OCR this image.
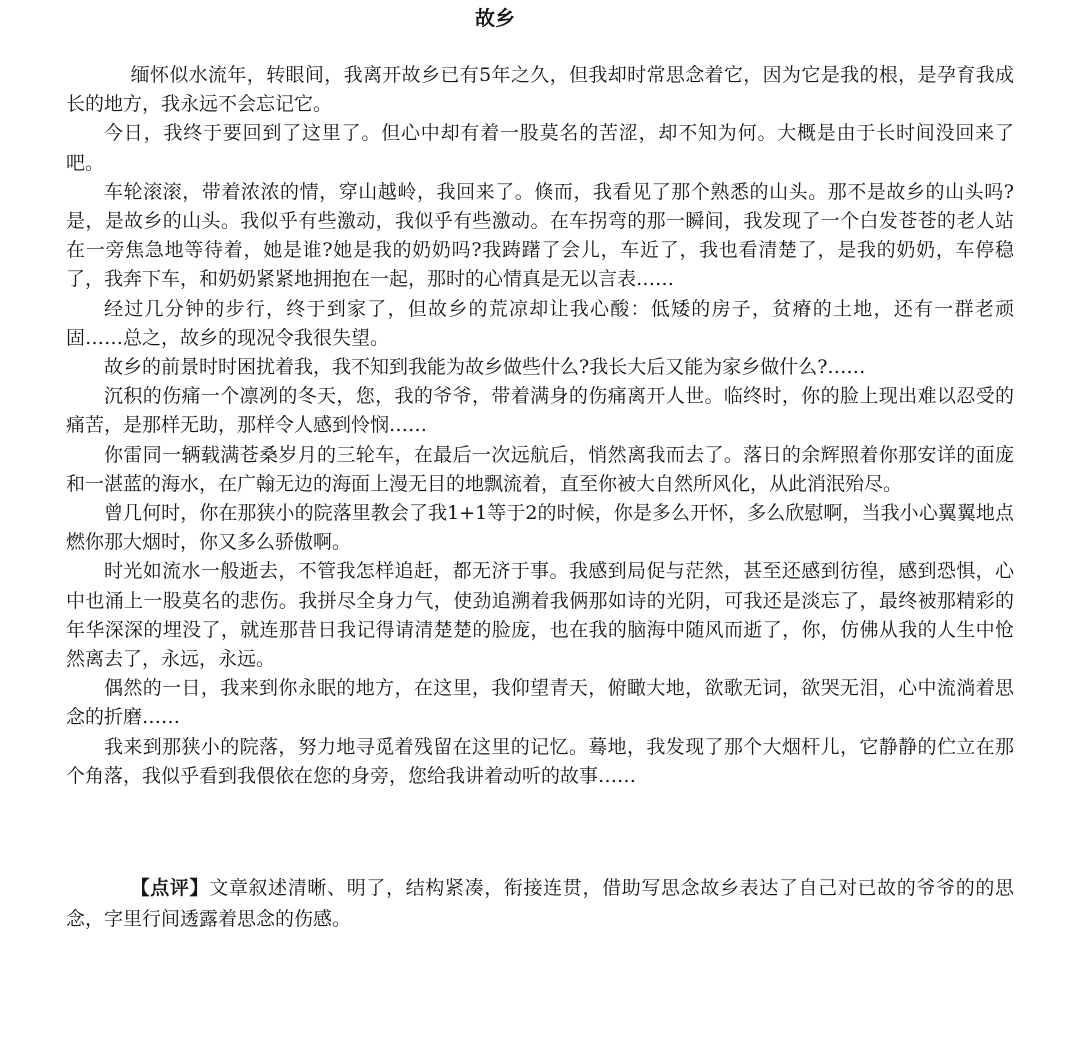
故乡

缅怀似水流年，转眼间，我离开故乡已有5年之久，但我却时常思念着它，因为它是我的根，是孕育我成长的地方，我永远不会忘记它。

今日，我终于要回到了这里了。但心中却有着一股莫名的苦涩，却不知为何。大概是由于长时间没回来了吧。

车轮滚滚，带着浓浓的情，穿山越岭，我回来了。倏而，我看见了那个熟悉的山头。那不是故乡的山头吗?是，是故乡的山头。我似乎有些激动，我似乎有些激动。在车拐弯的那一瞬间，我发现了一个白发苍苍的老人站在一旁焦急地等待着，她是谁?她是我的奶奶吗?我踌躇了会儿，车近了，我也看清楚了，是我的奶奶，车停稳了，我奔下车，和奶奶紧紧地拥抱在一起，那时的心情真是无以言表……

经过几分钟的步行，终于到家了，但故乡的荒凉却让我心酸：低矮的房子，贫瘠的土地，还有一群老顽固……总之，故乡的现况令我很失望。

故乡的前景时时困扰着我，我不知到我能为故乡做些什么?我长大后又能为家乡做什么?……

沉积的伤痛一个凛冽的冬天，您，我的爷爷，带着满身的伤痛离开人世。临终时，你的脸上现出难以忍受的痛苦，是那样无助，那样令人感到怜悯……

你雷同一辆载满苍桑岁月的三轮车，在最后一次远航后，悄然离我而去了。落日的余辉照着你那安详的面庞和一湛蓝的海水，在广翰无边的海面上漫无目的地飘流着，直至你被大自然所风化，从此消泯殆尽。

曾几何时，你在那狭小的院落里教会了我1+1等于2的时候，你是多么开怀，多么欣慰啊，当我小心翼翼地点燃你那大烟时，你又多么骄傲啊。

时光如流水一般逝去，不管我怎样追赶，都无济于事。我感到局促与茫然，甚至还感到彷徨，感到恐惧，心中也涌上一股莫名的悲伤。我拼尽全身力气，使劲追溯着我俩那如诗的光阴，可我还是淡忘了，最终被那精彩的年华深深的埋没了，就连那昔日我记得请清楚楚的脸庞，也在我的脑海中随风而逝了，你，仿佛从我的人生中怆然离去了，永远，永远。

偶然的一日，我来到你永眠的地方，在这里，我仰望青天，俯瞰大地，欲歌无词，欲哭无泪，心中流淌着思念的折磨……

我来到那狭小的院落，努力地寻觅着残留在这里的记忆。蓦地，我发现了那个大烟杆儿，它静静的伫立在那个角落，我似乎看到我偎依在您的身旁，您给我讲着动听的故事……

【点评】文章叙述清晰、明了，结构紧凑，衔接连贯，借助写思念故乡表达了自己对已故的爷爷的的思念，字里行间透露着思念的伤感。
